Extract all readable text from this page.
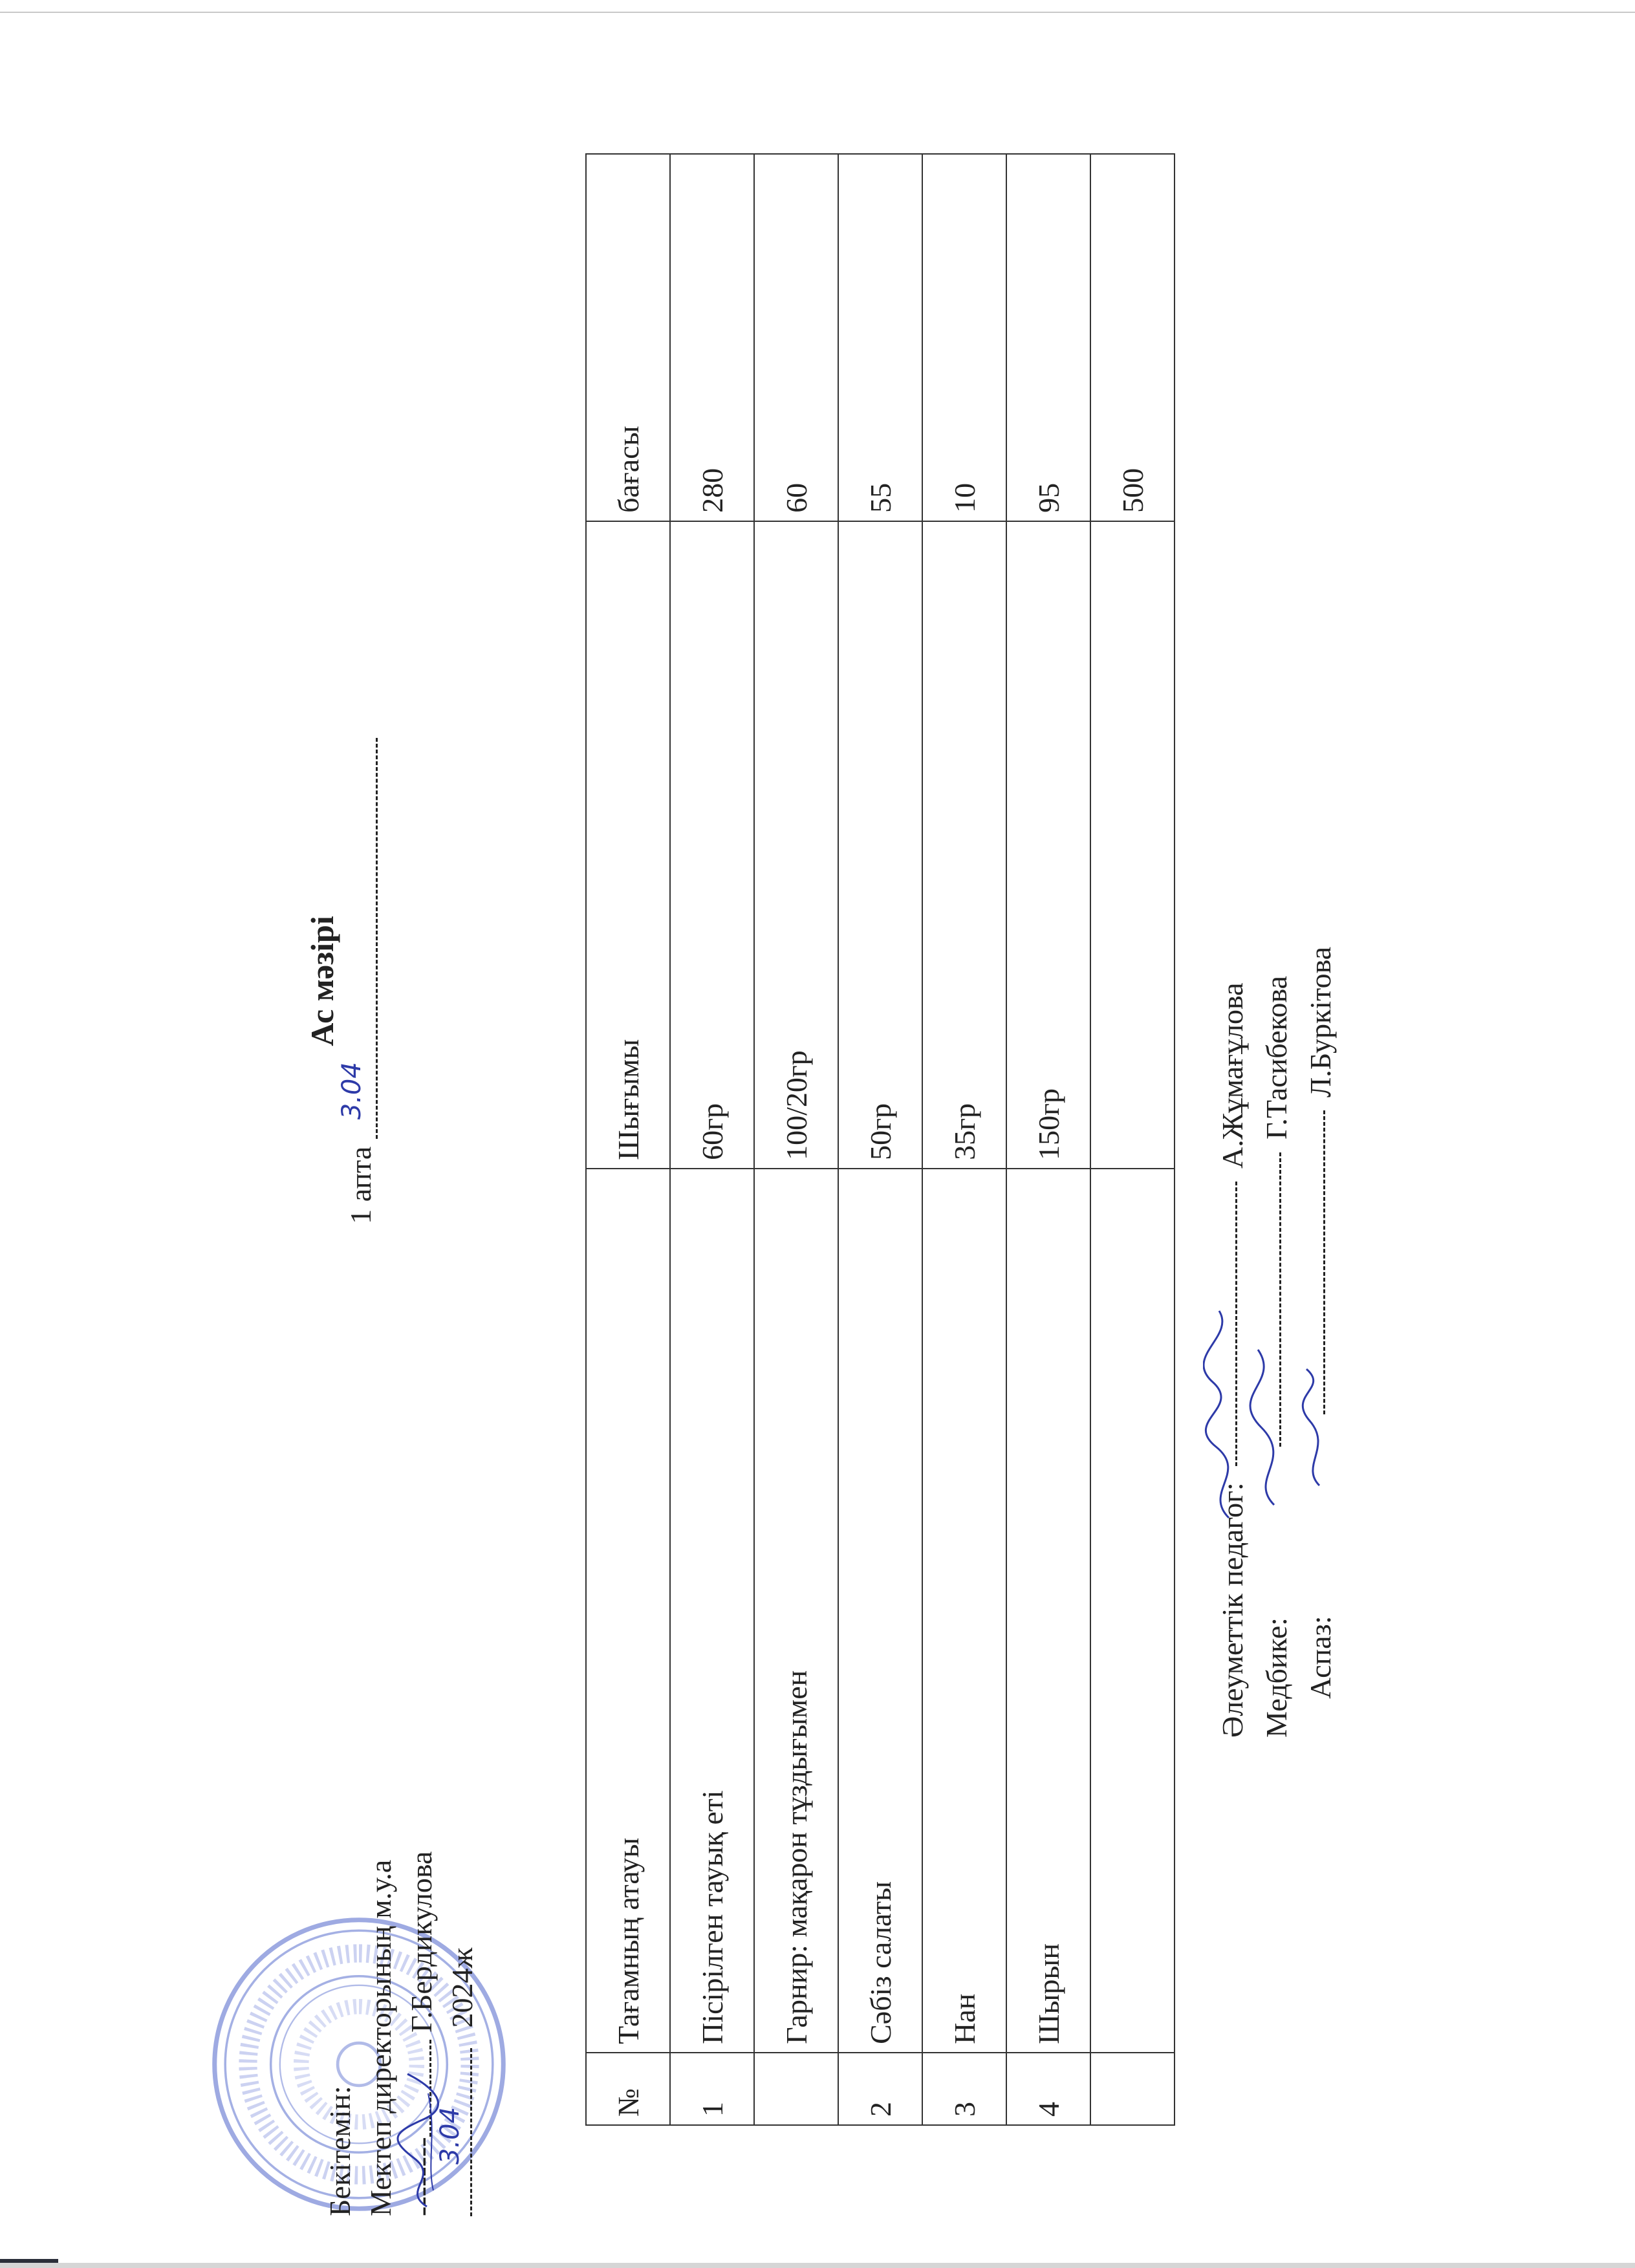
Бекітемін: Мектеп директорының м.у.а -------- Г.Бердикулова

3.04
2024ж
Ас мәзірі
1 апта
3.04
№	Тағамның атауы	Шығымы	бағасы
1	Пісірілген тауық еті	60гр	280
	Гарнир: мақарон тұздығымен	100/20гр	60
2	Сәбіз салаты	50гр	55
3	Нан	35гр	10
4	Шырын	150гр	95
			500
Әлеуметтік педагог:
А.Жұмағұлова
Медбике:
Г.Тасибекова
Аспаз:
Л.Буркітова
